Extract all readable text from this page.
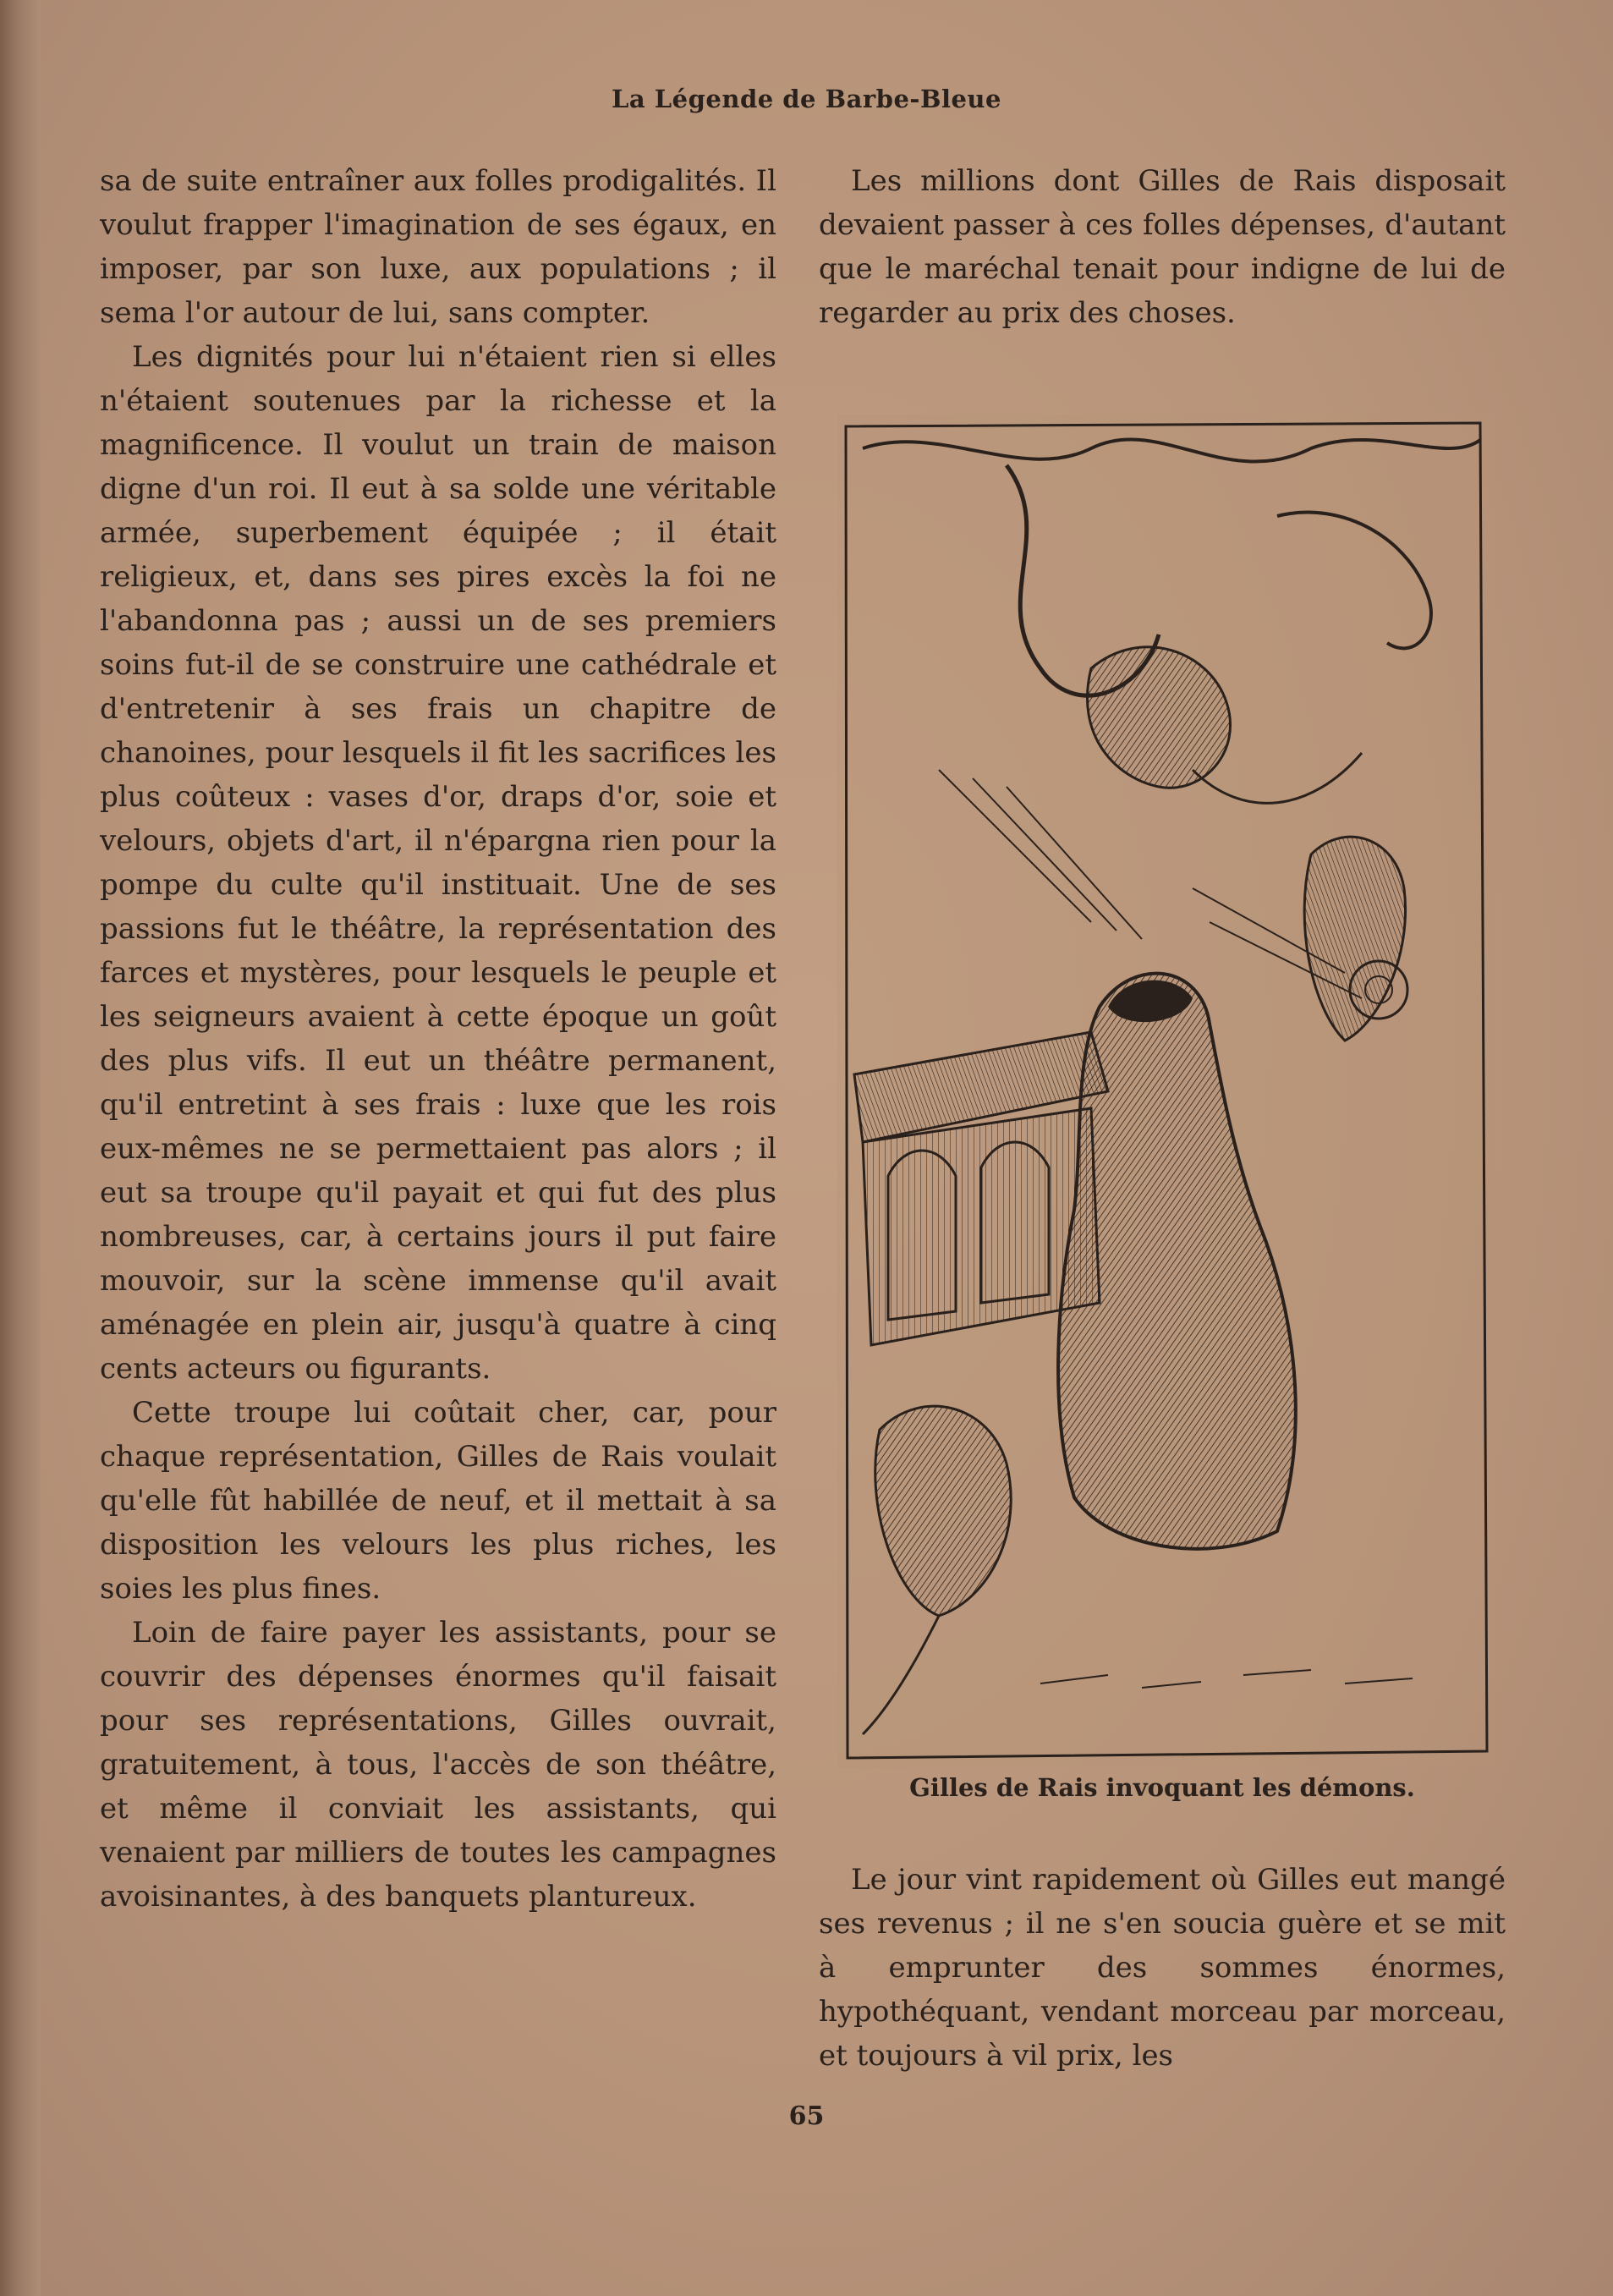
La Légende de Barbe-Bleue

sa de suite entraîner aux folles prodigalités. Il voulut frapper l'imagination de ses égaux, en imposer, par son luxe, aux populations ; il sema l'or autour de lui, sans compter.

Les dignités pour lui n'étaient rien si elles n'étaient soutenues par la richesse et la magnificence. Il voulut un train de maison digne d'un roi. Il eut à sa solde une véritable armée, superbement équipée ; il était religieux, et, dans ses pires excès la foi ne l'abandonna pas ; aussi un de ses premiers soins fut-il de se construire une cathédrale et d'entretenir à ses frais un chapitre de chanoines, pour lesquels il fit les sacrifices les plus coûteux : vases d'or, draps d'or, soie et velours, objets d'art, il n'épargna rien pour la pompe du culte qu'il instituait. Une de ses passions fut le théâtre, la représentation des farces et mystères, pour lesquels le peuple et les seigneurs avaient à cette époque un goût des plus vifs. Il eut un théâtre permanent, qu'il entretint à ses frais : luxe que les rois eux-mêmes ne se permettaient pas alors ; il eut sa troupe qu'il payait et qui fut des plus nombreuses, car, à certains jours il put faire mouvoir, sur la scène immense qu'il avait aménagée en plein air, jusqu'à quatre à cinq cents acteurs ou figurants.

Cette troupe lui coûtait cher, car, pour chaque représentation, Gilles de Rais voulait qu'elle fût habillée de neuf, et il mettait à sa disposition les velours les plus riches, les soies les plus fines.

Loin de faire payer les assistants, pour se couvrir des dépenses énormes qu'il faisait pour ses représentations, Gilles ouvrait, gratuitement, à tous, l'accès de son théâtre, et même il conviait les assistants, qui venaient par milliers de toutes les campagnes avoisinantes, à des banquets plantureux.

Les millions dont Gilles de Rais disposait devaient passer à ces folles dépenses, d'autant que le maréchal tenait pour indigne de lui de regarder au prix des choses.

Gilles de Rais invoquant les démons.

Le jour vint rapidement où Gilles eut mangé ses revenus ; il ne s'en soucia guère et se mit à emprunter des sommes énormes, hypothéquant, vendant morceau par morceau, et toujours à vil prix, les

65
